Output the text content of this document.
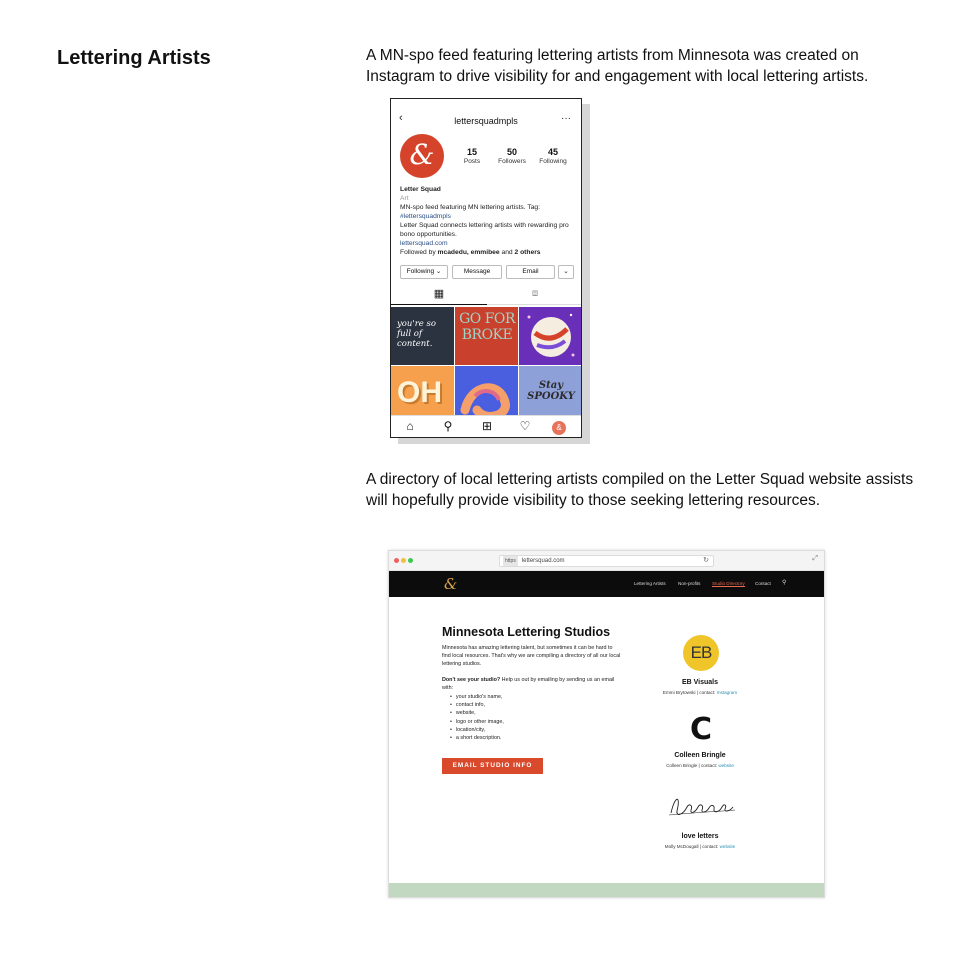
Lettering Artists	A MN-spo feed featuring lettering artists from Minnesota was created on Instagram to drive visibility for and engagement with local lettering artists.

‹	lettersquadmpls	···
&	15
Posts
50
Followers
45
Following
Letter Squad
Art
MN-spo feed featuring MN lettering artists. Tag:
#lettersquadmpls
Letter Squad connects lettering artists with rewarding pro bono opportunities.
lettersquad.com
Followed by mcadedu, emmibee and 2 others
Following ⌄	Message	Email	⌄
▦	⧈
you're so full of content.
GO FOR BROKE
OH	Stay SPOOKY
⌂	⚲	⊞	♡	&

A directory of local lettering artists compiled on the Letter Squad website assists will hopefully provide visibility to those seeking lettering resources.

https lettersquad.com	↻	⤢
&	Lettering Artists	Non-profits	Studio Directory Contact ⚲
Minnesota Lettering Studios

Minnesota has amazing lettering talent, but sometimes it can be hard to find local resources. That's why we are compiling a directory of all our local lettering studios.

Don't see your studio? Help us out by emailing by sending us an email with:

• your studio's name,
• contact info,
• website,
• logo or other image,
• location/city,
• a short description.
EMAIL STUDIO INFO
EB
EB Visuals
Emmi Brytowski | contact: Instagram
C
Colleen Bringle
Colleen Bringle | contact: website
love letters
Molly McDougall | contact: website
